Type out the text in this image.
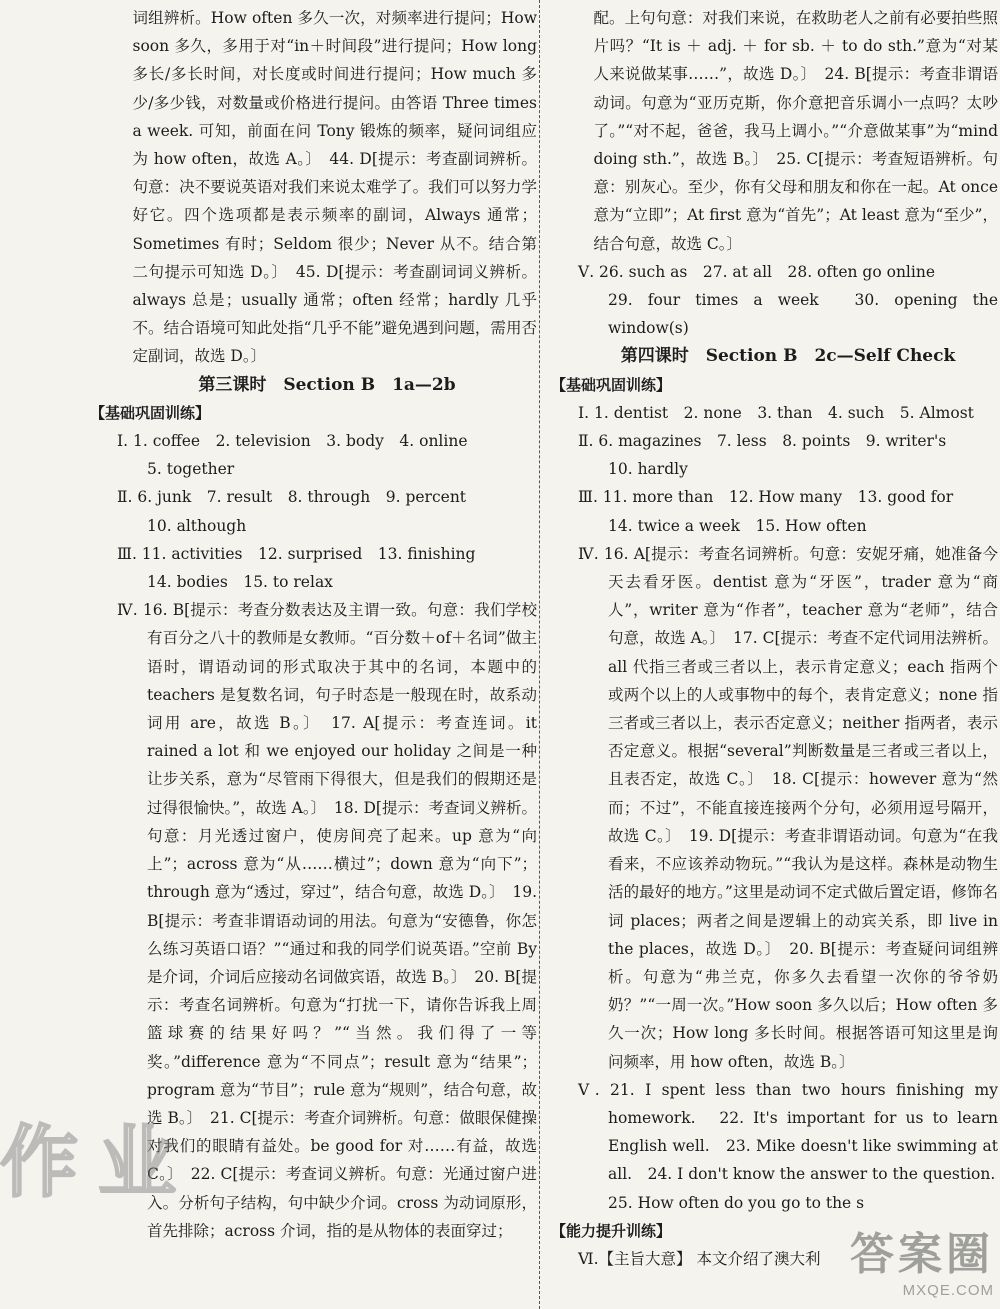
词组辨析。How often 多久一次，对频率进行提问；How soon 多久，多用于对“in＋时间段”进行提问；How long 多长/多长时间，对长度或时间进行提问；How much 多少/多少钱，对数量或价格进行提问。由答语 Three times a week. 可知，前面在问 Tony 锻炼的频率，疑问词组应为 how often，故选 A。〕　44. D[提示：考查副词辨析。句意：决不要说英语对我们来说太难学了。我们可以努力学好它。四个选项都是表示频率的副词，Always 通常；Sometimes 有时；Seldom 很少；Never 从不。结合第二句提示可知选 D。〕　45. D[提示：考查副词词义辨析。always 总是；usually 通常；often 经常；hardly 几乎不。结合语境可知此处指“几乎不能”避免遇到问题，需用否定副词，故选 D。〕
第三课时　Section B　1a—2b
【基础巩固训练】
Ⅰ. 1. coffee　2. television　3. body　4. online
5. together
Ⅱ. 6. junk　7. result　8. through　9. percent
10. although
Ⅲ. 11. activities　12. surprised　13. finishing
14. bodies　15. to relax
Ⅳ. 16. B[提示：考查分数表达及主谓一致。句意：我们学校有百分之八十的教师是女教师。“百分数＋of＋名词”做主语时，谓语动词的形式取决于其中的名词，本题中的 teachers 是复数名词，句子时态是一般现在时，故系动词用 are，故选 B。〕　17. A[提示：考查连词。it rained a lot 和 we enjoyed our holiday 之间是一种让步关系，意为“尽管雨下得很大，但是我们的假期还是过得很愉快。”，故选 A。〕　18. D[提示：考查词义辨析。句意：月光透过窗户，使房间亮了起来。up 意为“向上”；across 意为“从……横过”；down 意为“向下”；through 意为“透过，穿过”，结合句意，故选 D。〕　19. B[提示：考查非谓语动词的用法。句意为“安德鲁，你怎么练习英语口语？”“通过和我的同学们说英语。”空前 By 是介词，介词后应接动名词做宾语，故选 B。〕　20. B[提示：考查名词辨析。句意为“打扰一下，请你告诉我上周篮球赛的结果好吗？”“当然。我们得了一等奖。”difference 意为“不同点”；result 意为“结果”；program 意为“节目”；rule 意为“规则”，结合句意，故选 B。〕　21. C[提示：考查介词辨析。句意：做眼保健操对我们的眼睛有益处。be good for 对……有益，故选 C。〕　22. C[提示：考查词义辨析。句意：光通过窗户进入。分析句子结构，句中缺少介词。cross 为动词原形，首先排除；across 介词，指的是从物体的表面穿过；
配。上句句意：对我们来说，在救助老人之前有必要拍些照片吗？“It is ＋ adj. ＋ for sb. ＋ to do sth.”意为“对某人来说做某事……”，故选 D。〕　24. B[提示：考查非谓语动词。句意为“亚历克斯，你介意把音乐调小一点吗？太吵了。”“对不起，爸爸，我马上调小。”“介意做某事”为“mind doing sth.”，故选 B。〕　25. C[提示：考查短语辨析。句意：别灰心。至少，你有父母和朋友和你在一起。At once 意为“立即”；At first 意为“首先”；At least 意为“至少”，结合句意，故选 C。〕
Ⅴ. 26. such as　27. at all　28. often go online
29. four times a week　30. opening the window(s)
第四课时　Section B　2c—Self Check
【基础巩固训练】
Ⅰ. 1. dentist　2. none　3. than　4. such　5. Almost
Ⅱ. 6. magazines　7. less　8. points　9. writer's
10. hardly
Ⅲ. 11. more than　12. How many　13. good for
14. twice a week　15. How often
Ⅳ. 16. A[提示：考查名词辨析。句意：安妮牙痛，她准备今天去看牙医。dentist 意为“牙医”，trader 意为“商人”，writer 意为“作者”，teacher 意为“老师”，结合句意，故选 A。〕　17. C[提示：考查不定代词用法辨析。all 代指三者或三者以上，表示肯定意义；each 指两个或两个以上的人或事物中的每个，表肯定意义；none 指三者或三者以上，表示否定意义；neither 指两者，表示否定意义。根据“several”判断数量是三者或三者以上，且表否定，故选 C。〕　18. C[提示：however 意为“然而；不过”，不能直接连接两个分句，必须用逗号隔开，故选 C。〕　19. D[提示：考查非谓语动词。句意为“在我看来，不应该养动物玩。”“我认为是这样。森林是动物生活的最好的地方。”这里是动词不定式做后置定语，修饰名词 places；两者之间是逻辑上的动宾关系，即 live in the places，故选 D。〕　20. B[提示：考查疑问词组辨析。句意为“弗兰克，你多久去看望一次你的爷爷奶奶？”“一周一次。”How soon 多久以后；How often 多久一次；How long 多长时间。根据答语可知这里是询问频率，用 how often，故选 B。〕
Ⅴ. 21. I spent less than two hours finishing my homework.　22. It's important for us to learn English well.　23. Mike doesn't like swimming at all.　24. I don't know the answer to the question.
25. How often do you go to the s
【能力提升训练】
Ⅵ.【主旨大意】 本文介绍了澳大利
作业
答案圈
MXQE.COM
